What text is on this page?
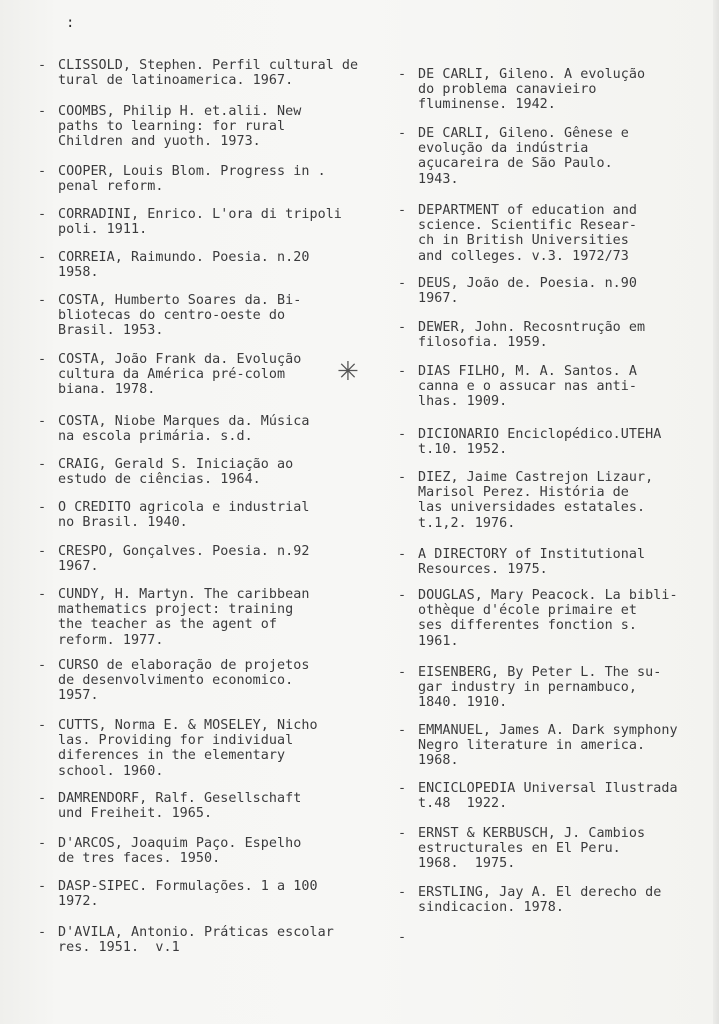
:
- CLISSOLD, Stephen. Perfil cultural de
tural de latinoamerica. 1967.
- COOMBS, Philip H. et.alii. New
paths to learning: for rural
Children and yuoth. 1973.
- COOPER, Louis Blom. Progress in .
penal reform.
- CORRADINI, Enrico. L'ora di tripoli
poli. 1911.
- CORREIA, Raimundo. Poesia. n.20
1958.
- COSTA, Humberto Soares da. Bi-
bliotecas do centro-oeste do
Brasil. 1953.
- COSTA, João Frank da. Evolução
cultura da América pré-colom
biana. 1978.
- COSTA, Niobe Marques da. Música
na escola primária. s.d.
- CRAIG, Gerald S. Iniciação ao
estudo de ciências. 1964.
- O CREDITO agricola e industrial
no Brasil. 1940.
- CRESPO, Gonçalves. Poesia. n.92
1967.
- CUNDY, H. Martyn. The caribbean
mathematics project: training
the teacher as the agent of
reform. 1977.
- CURSO de elaboração de projetos
de desenvolvimento economico.
1957.
- CUTTS, Norma E. & MOSELEY, Nicho
las. Providing for individual
diferences in the elementary
school. 1960.
- DAMRENDORF, Ralf. Gesellschaft
und Freiheit. 1965.
- D'ARCOS, Joaquim Paço. Espelho
de tres faces. 1950.
- DASP-SIPEC. Formulações. 1 a 100
1972.
- D'AVILA, Antonio. Práticas escolar
res. 1951.  v.1
- DE CARLI, Gileno. A evolução
do problema canavieiro
fluminense. 1942.
- DE CARLI, Gileno. Gênese e
evolução da indústria
açucareira de São Paulo.
1943.
- DEPARTMENT of education and
science. Scientific Resear-
ch in British Universities
and colleges. v.3. 1972/73
- DEUS, João de. Poesia. n.90
1967.
- DEWER, John. Recosntrução em
filosofia. 1959.
- DIAS FILHO, M. A. Santos. A
canna e o assucar nas anti-
lhas. 1909.
- DICIONARIO Enciclopédico.UTEHA
t.10. 1952.
- DIEZ, Jaime Castrejon Lizaur,
Marisol Perez. História de
las universidades estatales.
t.1,2. 1976.
- A DIRECTORY of Institutional
Resources. 1975.
- DOUGLAS, Mary Peacock. La bibli-
othèque d'école primaire et
ses differentes fonction s.
1961.
- EISENBERG, By Peter L. The su-
gar industry in pernambuco,
1840. 1910.
- EMMANUEL, James A. Dark symphony
Negro literature in america.
1968.
- ENCICLOPEDIA Universal Ilustrada
t.48  1922.
- ERNST & KERBUSCH, J. Cambios
estructurales en El Peru.
1968.  1975.
- ERSTLING, Jay A. El derecho de
sindicacion. 1978.
-
✳
